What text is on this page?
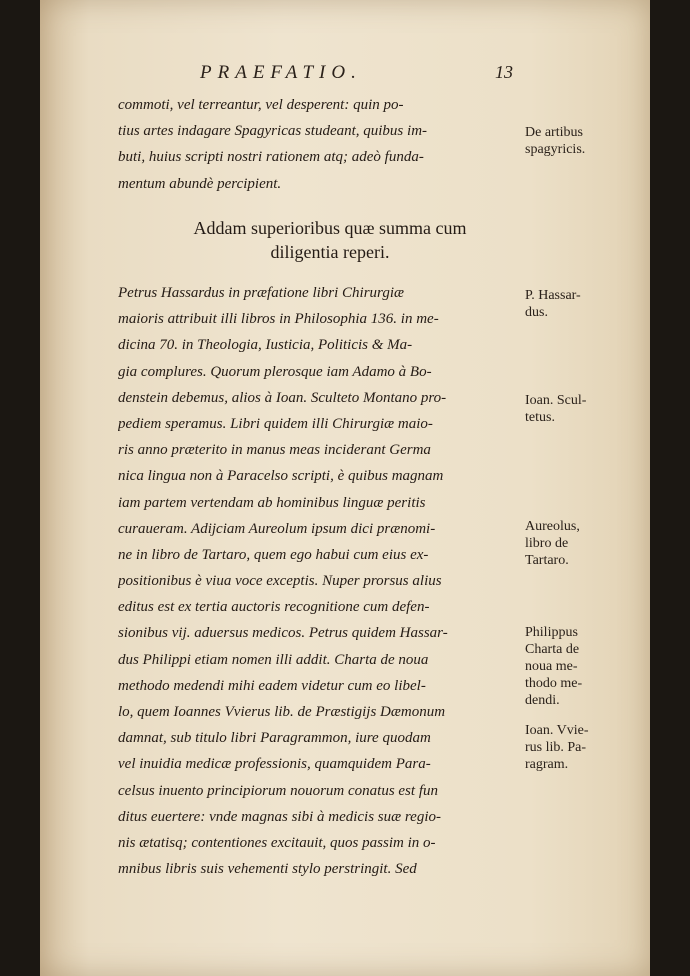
PRAEFATIO.	13
commoti, vel terreantur, vel desperent: quin po-
tius artes indagare Spagyricas studeant, quibus im-
buti, huius scripti nostri rationem atq; adeò funda-
mentum abundè percipient.
Addam superioribus quæ summa cum
diligentia reperi.
Petrus Hassardus in præfatione libri Chirurgiæ
maioris attribuit illi libros in Philosophia 136. in me-
dicina 70. in Theologia, Iusticia, Politicis & Ma-
gia complures. Quorum plerosque iam Adamo à Bo-
denstein debemus, alios à Ioan. Sculteto Montano pro-
pediem speramus. Libri quidem illi Chirurgiæ maio-
ris anno præterito in manus meas inciderant Germa
nica lingua non à Paracelso scripti, è quibus magnam
iam partem vertendam ab hominibus linguæ peritis
curaueram. Adijciam Aureolum ipsum dici prænomi-
ne in libro de Tartaro, quem ego habui cum eius ex-
positionibus è viua voce exceptis. Nuper prorsus alius
editus est ex tertia auctoris recognitione cum defen-
sionibus vij. aduersus medicos. Petrus quidem Hassar-
dus Philippi etiam nomen illi addit. Charta de noua
methodo medendi mihi eadem videtur cum eo libel-
lo, quem Ioannes Vvierus lib. de Præstigijs Dæmonum
damnat, sub titulo libri Paragrammon, iure quodam
vel inuidia medicæ professionis, quamquidem Para-
celsus inuento principiorum nouorum conatus est fun
ditus euertere: vnde magnas sibi à medicis suæ regio-
nis ætatisq; contentiones excitauit, quos passim in o-
mnibus libris suis vehementi stylo perstringit. Sed
De artibus
spagyricis.
P. Hassar-
dus.
Ioan. Scul-
tetus.
Aureolus,
libro de
Tartaro.
Philippus
Charta de
noua me-
thodo me-
dendi.
Ioan. Vvie-
rus lib. Pa-
ragram.
